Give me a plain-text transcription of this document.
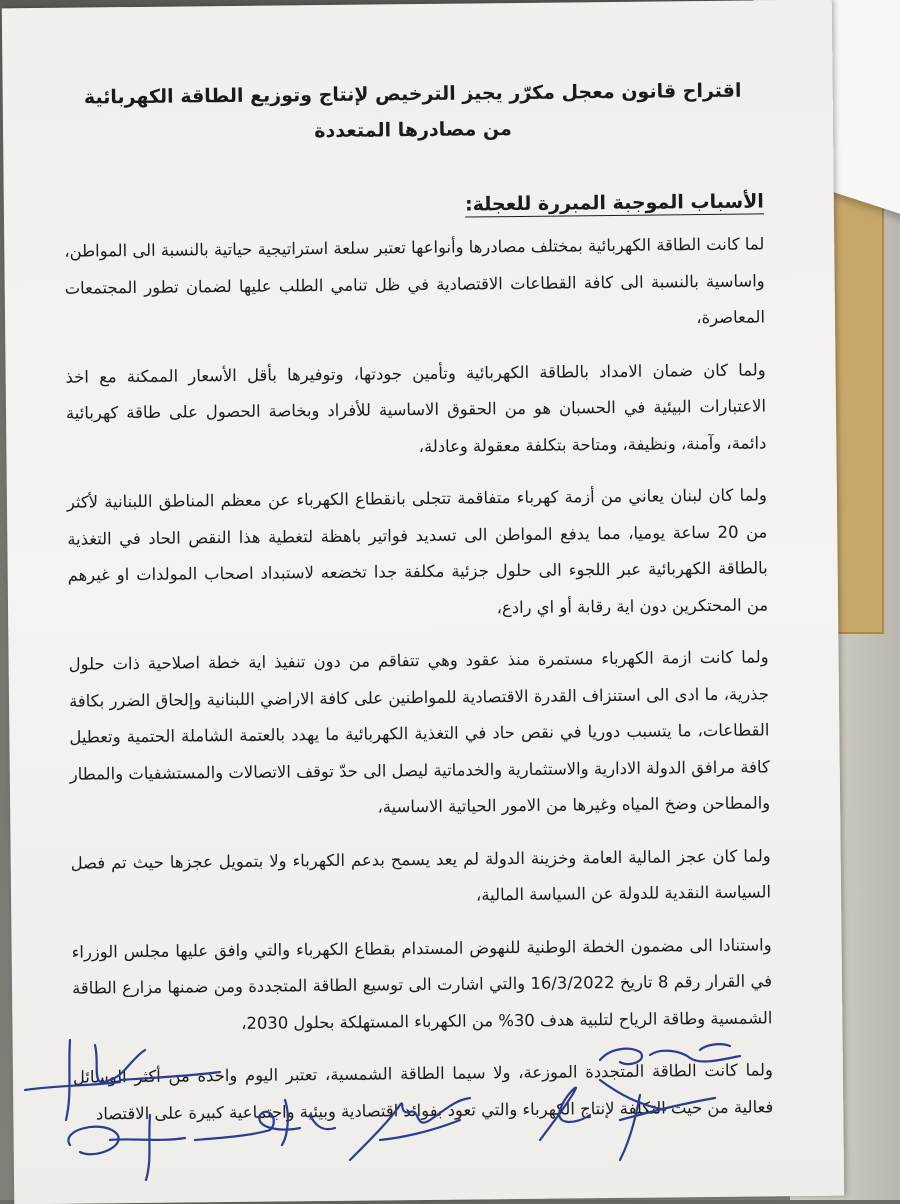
اقتراح قانون معجل مكرّر يجيز الترخيص لإنتاج وتوزيع الطاقة الكهربائية من مصادرها المتعددة
الأسباب الموجبة المبررة للعجلة:

لما كانت الطاقة الكهربائية بمختلف مصادرها وأنواعها تعتبر سلعة استراتيجية حياتية بالنسبة الى المواطن، واساسية بالنسبة الى كافة القطاعات الاقتصادية في ظل تنامي الطلب عليها لضمان تطور المجتمعات المعاصرة،

ولما كان ضمان الامداد بالطاقة الكهربائية وتأمين جودتها، وتوفيرها بأقل الأسعار الممكنة مع اخذ الاعتبارات البيئية في الحسبان هو من الحقوق الاساسية للأفراد وبخاصة الحصول على طاقة كهربائية دائمة، وآمنة، ونظيفة، ومتاحة بتكلفة معقولة وعادلة،

ولما كان لبنان يعاني من أزمة كهرباء متفاقمة تتجلى بانقطاع الكهرباء عن معظم المناطق اللبنانية لأكثر من 20 ساعة يوميا، مما يدفع المواطن الى تسديد فواتير باهظة لتغطية هذا النقص الحاد في التغذية بالطاقة الكهربائية عبر اللجوء الى حلول جزئية مكلفة جدا تخضعه لاستبداد اصحاب المولدات او غيرهم من المحتكرين دون اية رقابة أو اي رادع،

ولما كانت ازمة الكهرباء مستمرة منذ عقود وهي تتفاقم من دون تنفيذ اية خطة اصلاحية ذات حلول جذرية، ما ادى الى استنزاف القدرة الاقتصادية للمواطنين على كافة الاراضي اللبنانية وإلحاق الضرر بكافة القطاعات، ما يتسبب دوريا في نقص حاد في التغذية الكهربائية ما يهدد بالعتمة الشاملة الحتمية وتعطيل كافة مرافق الدولة الادارية والاستثمارية والخدماتية ليصل الى حدّ توقف الاتصالات والمستشفيات والمطار والمطاحن وضخ المياه وغيرها من الامور الحياتية الاساسية،

ولما كان عجز المالية العامة وخزينة الدولة لم يعد يسمح بدعم الكهرباء ولا بتمويل عجزها حيث تم فصل السياسة النقدية للدولة عن السياسة المالية،

واستنادا الى مضمون الخطة الوطنية للنهوض المستدام بقطاع الكهرباء والتي وافق عليها مجلس الوزراء في القرار رقم 8 تاريخ 16/3/2022 والتي اشارت الى توسيع الطاقة المتجددة ومن ضمنها مزارع الطاقة الشمسية وطاقة الرياح لتلبية هدف 30% من الكهرباء المستهلكة بحلول 2030،

ولما كانت الطاقة المتجددة الموزعة، ولا سيما الطاقة الشمسية، تعتبر اليوم واحدة من أكثر الوسائل فعالية من حيث التكلفة لإنتاج الكهرباء والتي تعود بفوائد اقتصادية وبيئية واجتماعية كبيرة على الاقتصاد
